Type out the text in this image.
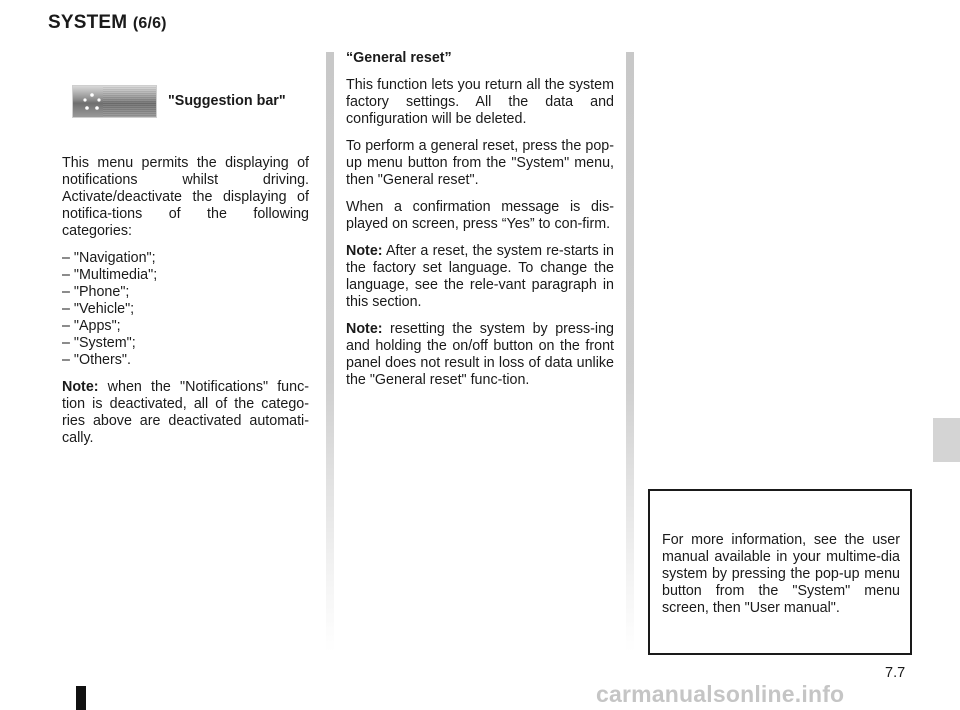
SYSTEM (6/6)
"Suggestion bar"

This menu permits the displaying of notifications whilst driving. Activate/deactivate the displaying of notifica-tions of the following categories:

– "Navigation";
– "Multimedia";
– "Phone";
– "Vehicle";
– "Apps";
– "System";
– "Others".

Note: when the "Notifications" func-tion is deactivated, all of the catego-ries above are deactivated automati-cally.

“General reset”

This function lets you return all the system factory settings. All the data and configuration will be deleted.

To perform a general reset, press the pop-up menu button from the "System" menu, then "General reset".

When a confirmation message is dis-played on screen, press “Yes” to con-firm.

Note: After a reset, the system re-starts in the factory set language. To change the language, see the rele-vant paragraph in this section.

Note: resetting the system by press-ing and holding the on/off button on the front panel does not result in loss of data unlike the "General reset" func-tion.

For more information, see the user manual available in your multime-dia system by pressing the pop-up menu button from the "System" menu screen, then "User manual".

7.7
carmanualsonline.info
